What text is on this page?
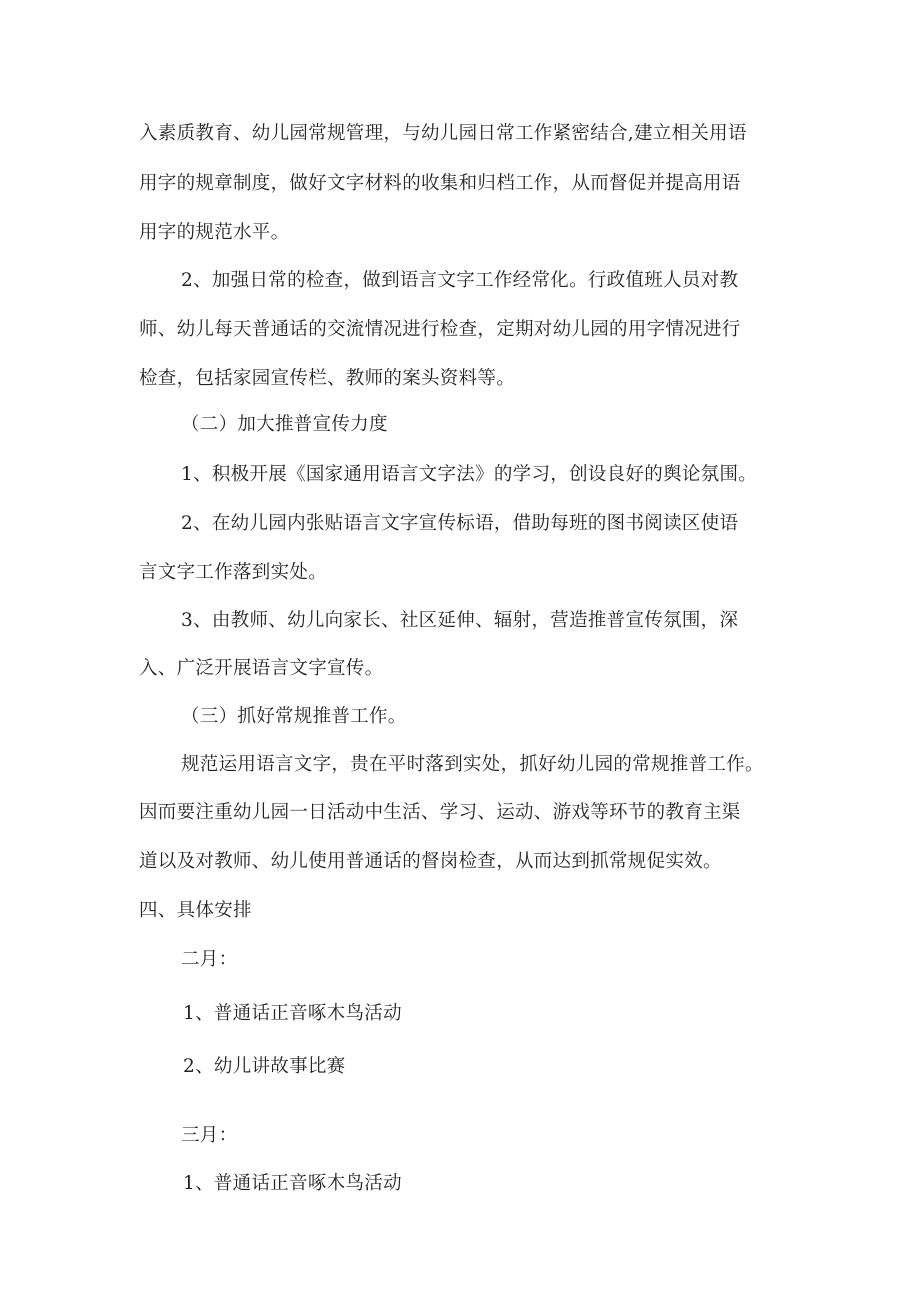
入素质教育、幼儿园常规管理，与幼儿园日常工作紧密结合,建立相关用语
用字的规章制度，做好文字材料的收集和归档工作，从而督促并提高用语
用字的规范水平。
2、加强日常的检查，做到语言文字工作经常化。行政值班人员对教
师、幼儿每天普通话的交流情况进行检查，定期对幼儿园的用字情况进行
检查，包括家园宣传栏、教师的案头资料等。
（二）加大推普宣传力度
1、积极开展《国家通用语言文字法》的学习，创设良好的舆论氛围。
2、在幼儿园内张贴语言文字宣传标语，借助每班的图书阅读区使语
言文字工作落到实处。
3、由教师、幼儿向家长、社区延伸、辐射，营造推普宣传氛围，深
入、广泛开展语言文字宣传。
（三）抓好常规推普工作。
规范运用语言文字，贵在平时落到实处，抓好幼儿园的常规推普工作。
因而要注重幼儿园一日活动中生活、学习、运动、游戏等环节的教育主渠
道以及对教师、幼儿使用普通话的督岗检查，从而达到抓常规促实效。
四、具体安排
二月：
1、普通话正音啄木鸟活动
2、幼儿讲故事比赛
三月：
1、普通话正音啄木鸟活动
